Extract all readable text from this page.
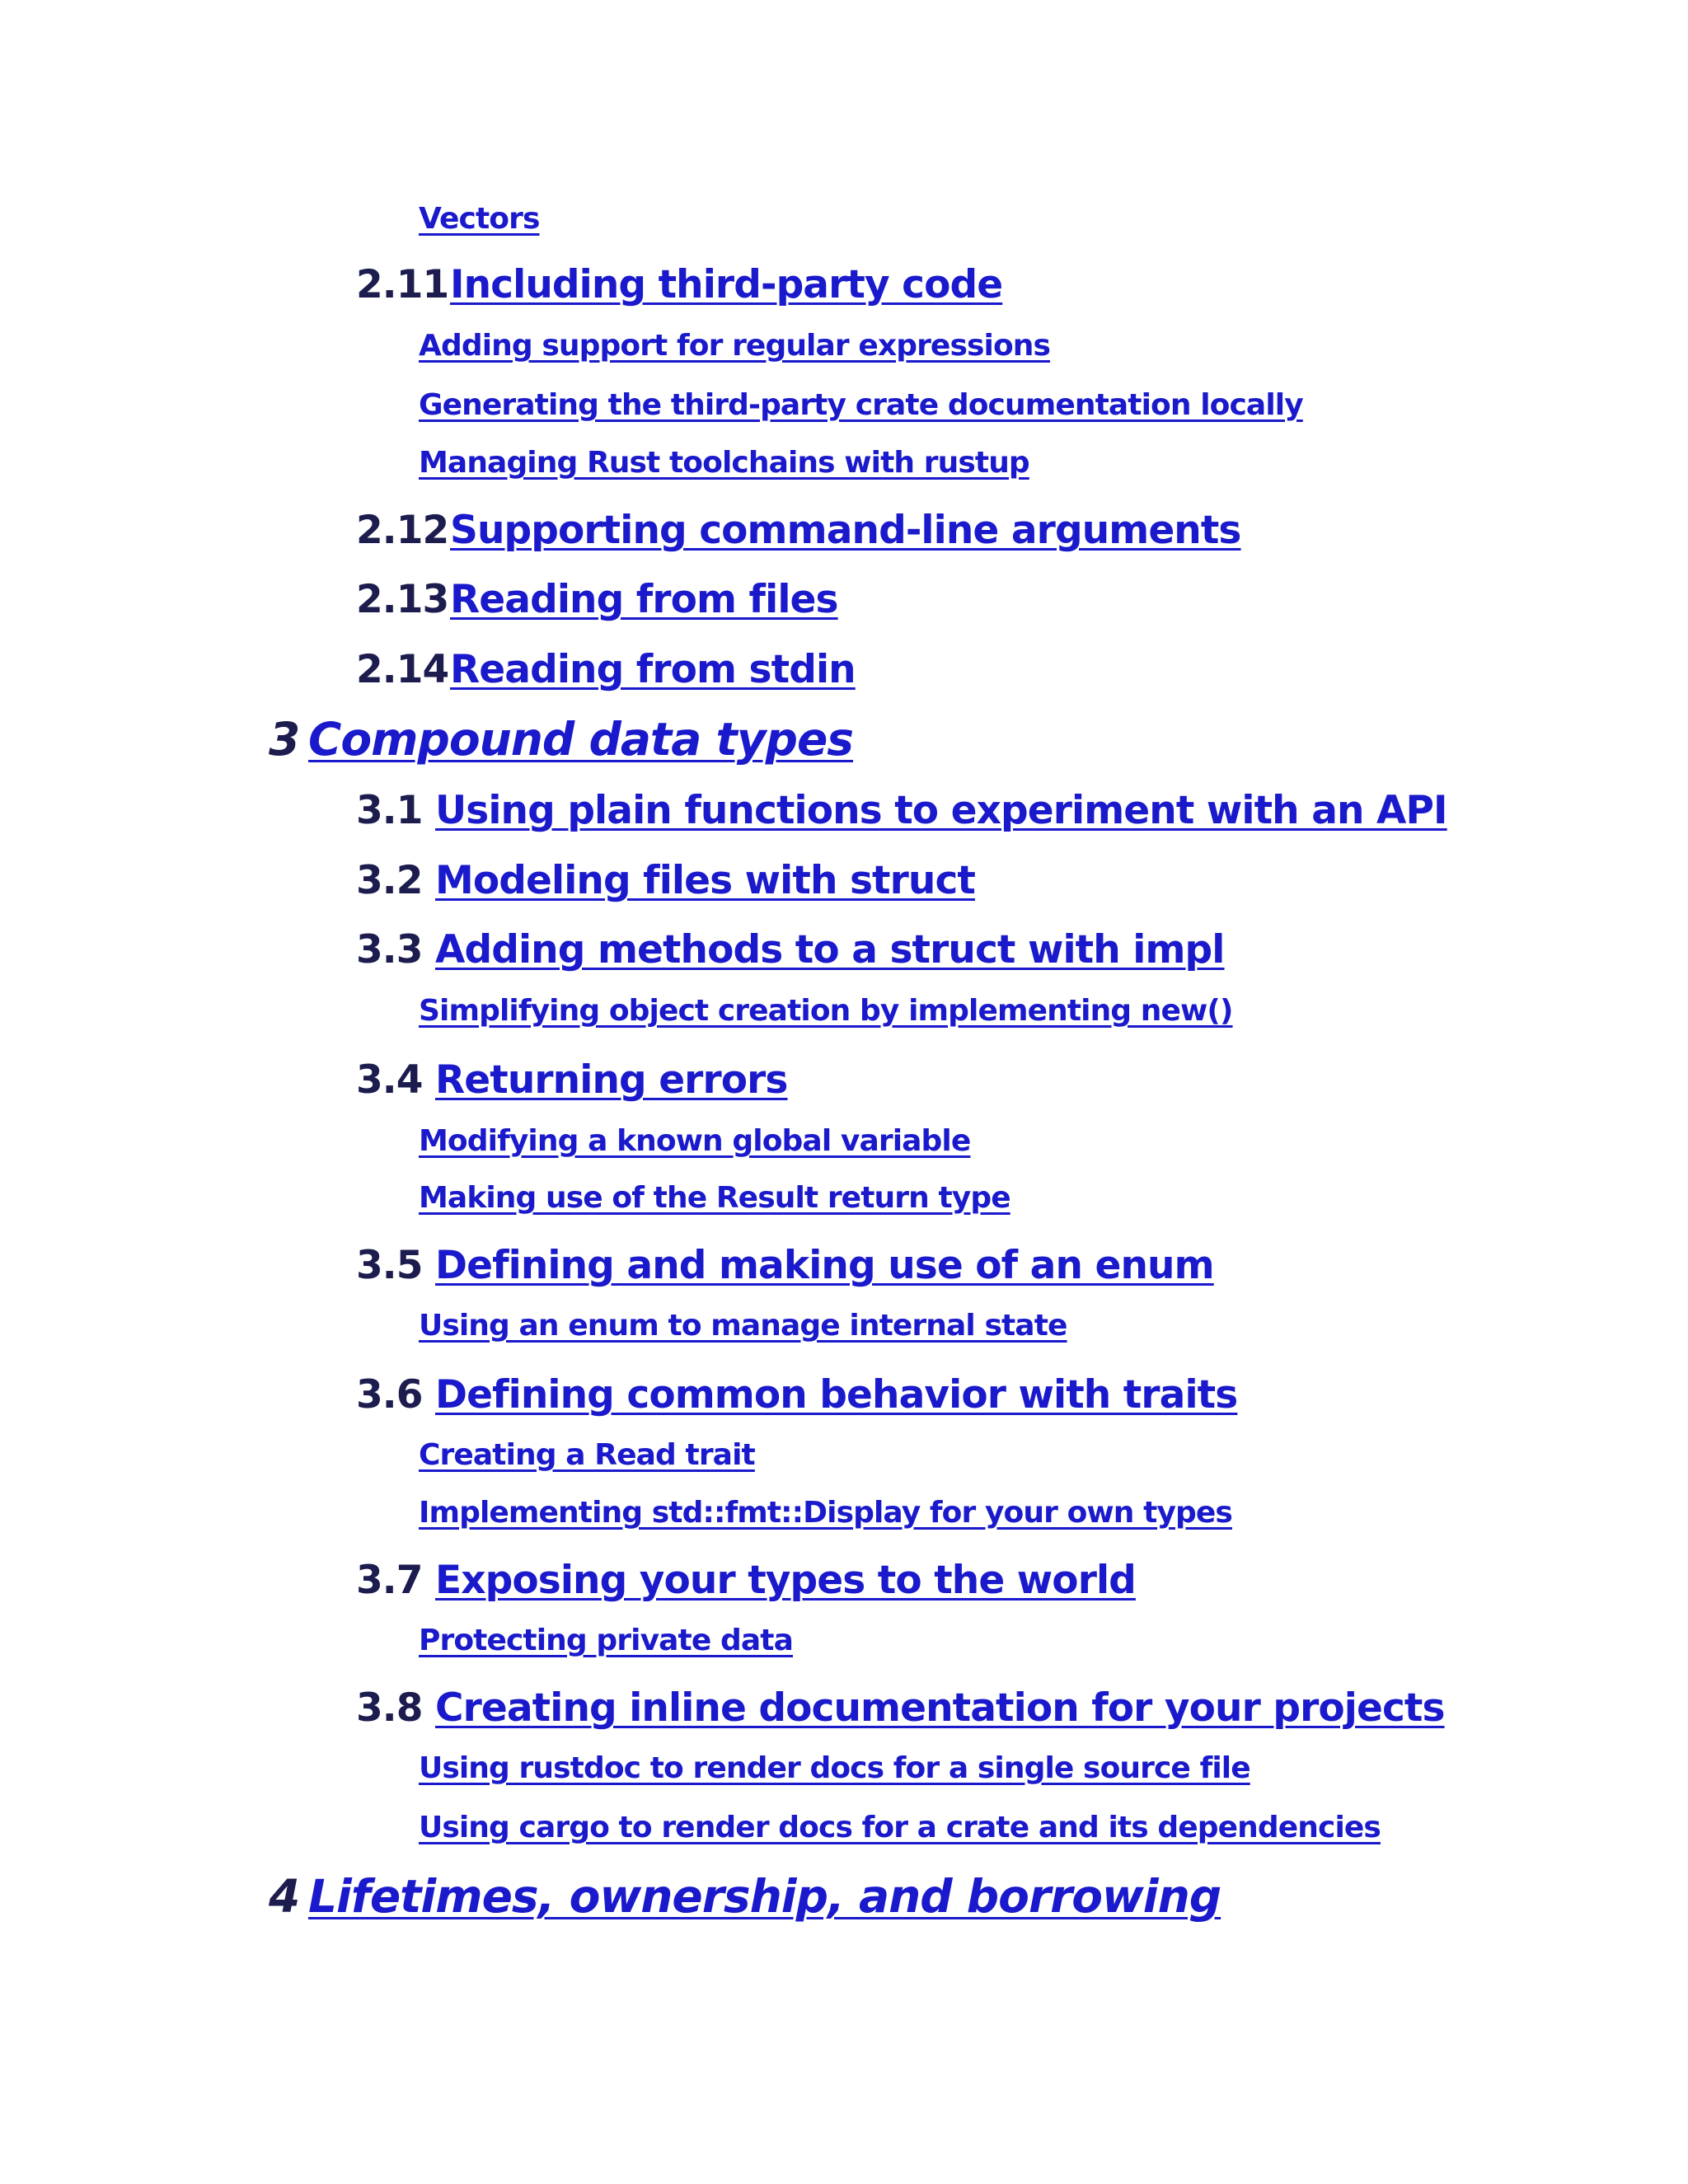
Vectors
2.11Including third-party code
Adding support for regular expressions
Generating the third-party crate documentation locally
Managing Rust toolchains with rustup
2.12Supporting command-line arguments
2.13Reading from files
2.14Reading from stdin
3 Compound data types
3.1 Using plain functions to experiment with an API
3.2 Modeling files with struct
3.3 Adding methods to a struct with impl
Simplifying object creation by implementing new()
3.4 Returning errors
Modifying a known global variable
Making use of the Result return type
3.5 Defining and making use of an enum
Using an enum to manage internal state
3.6 Defining common behavior with traits
Creating a Read trait
Implementing std::fmt::Display for your own types
3.7 Exposing your types to the world
Protecting private data
3.8 Creating inline documentation for your projects
Using rustdoc to render docs for a single source file
Using cargo to render docs for a crate and its dependencies
4 Lifetimes, ownership, and borrowing
